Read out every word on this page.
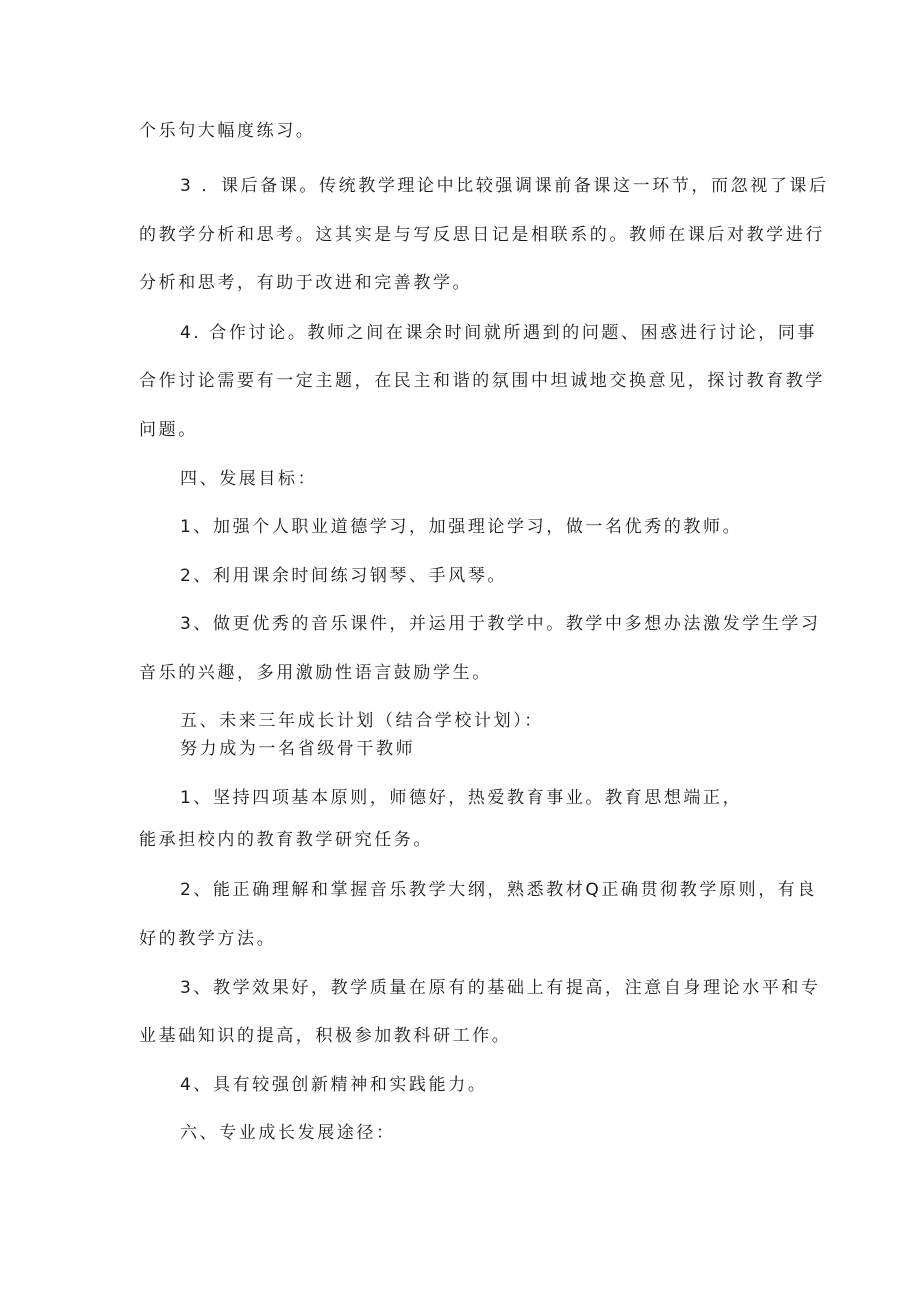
个乐句大幅度练习。
3 ．课后备课。传统教学理论中比较强调课前备课这一环节，而忽视了课后
的教学分析和思考。这其实是与写反思日记是相联系的。教师在课后对教学进行
分析和思考，有助于改进和完善教学。
4. 合作讨论。教师之间在课余时间就所遇到的问题、困惑进行讨论，同事
合作讨论需要有一定主题，在民主和谐的氛围中坦诚地交换意见，探讨教育教学
问题。
四、发展目标：
1、加强个人职业道德学习，加强理论学习，做一名优秀的教师。
2、利用课余时间练习钢琴、手风琴。
3、做更优秀的音乐课件，并运用于教学中。教学中多想办法激发学生学习
音乐的兴趣，多用激励性语言鼓励学生。
五、未来三年成长计划（结合学校计划）：
努力成为一名省级骨干教师
1、坚持四项基本原则，师德好，热爱教育事业。教育思想端正，
能承担校内的教育教学研究任务。
2、能正确理解和掌握音乐教学大纲，熟悉教材Q正确贯彻教学原则，有良
好的教学方法。
3、教学效果好，教学质量在原有的基础上有提高，注意自身理论水平和专
业基础知识的提高，积极参加教科研工作。
4、具有较强创新精神和实践能力。
六、专业成长发展途径：
